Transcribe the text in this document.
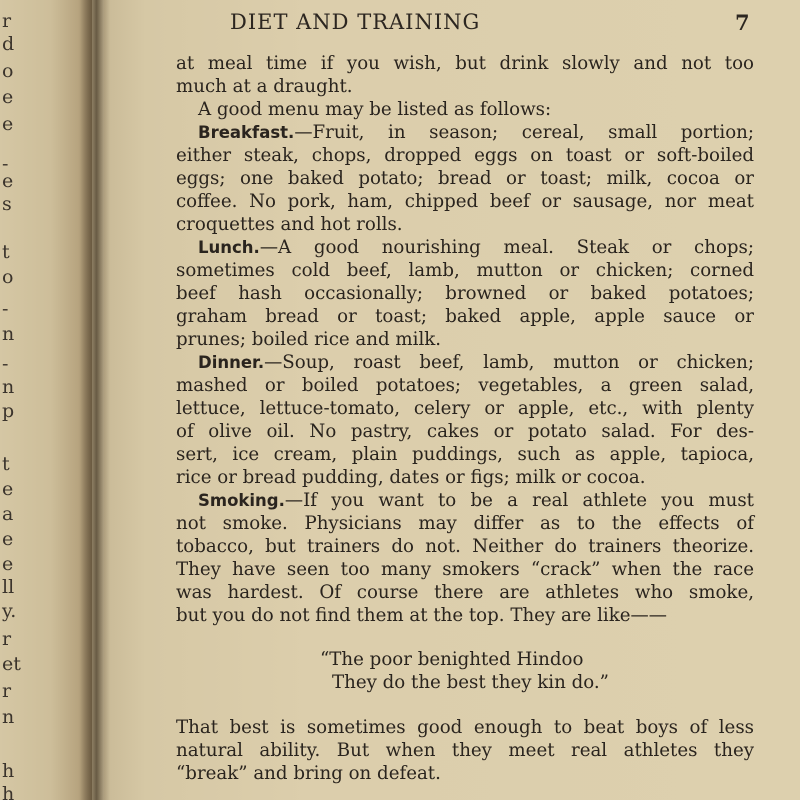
r
d
o
e
e
-
e
s
t
o
-
n
-
n
p
t
e
a
e
e
ll
y.
r
et
r
n
h
h
DIET AND TRAINING	7
at meal time if you wish, but drink slowly and not too
much at a draught.
A good menu may be listed as follows:
Breakfast.—Fruit, in season; cereal, small portion;
either steak, chops, dropped eggs on toast or soft-boiled
eggs; one baked potato; bread or toast; milk, cocoa or
coffee. No pork, ham, chipped beef or sausage, nor meat
croquettes and hot rolls.
Lunch.—A good nourishing meal. Steak or chops;
sometimes cold beef, lamb, mutton or chicken; corned
beef hash occasionally; browned or baked potatoes;
graham bread or toast; baked apple, apple sauce or
prunes; boiled rice and milk.
Dinner.—Soup, roast beef, lamb, mutton or chicken;
mashed or boiled potatoes; vegetables, a green salad,
lettuce, lettuce-tomato, celery or apple, etc., with plenty
of olive oil. No pastry, cakes or potato salad. For des-
sert, ice cream, plain puddings, such as apple, tapioca,
rice or bread pudding, dates or figs; milk or cocoa.
Smoking.—If you want to be a real athlete you must
not smoke. Physicians may differ as to the effects of
tobacco, but trainers do not. Neither do trainers theorize.
They have seen too many smokers “crack” when the race
was hardest. Of course there are athletes who smoke,
but you do not find them at the top. They are like——
“The poor benighted Hindoo
They do the best they kin do.”
That best is sometimes good enough to beat boys of less
natural ability. But when they meet real athletes they
“break” and bring on defeat.
